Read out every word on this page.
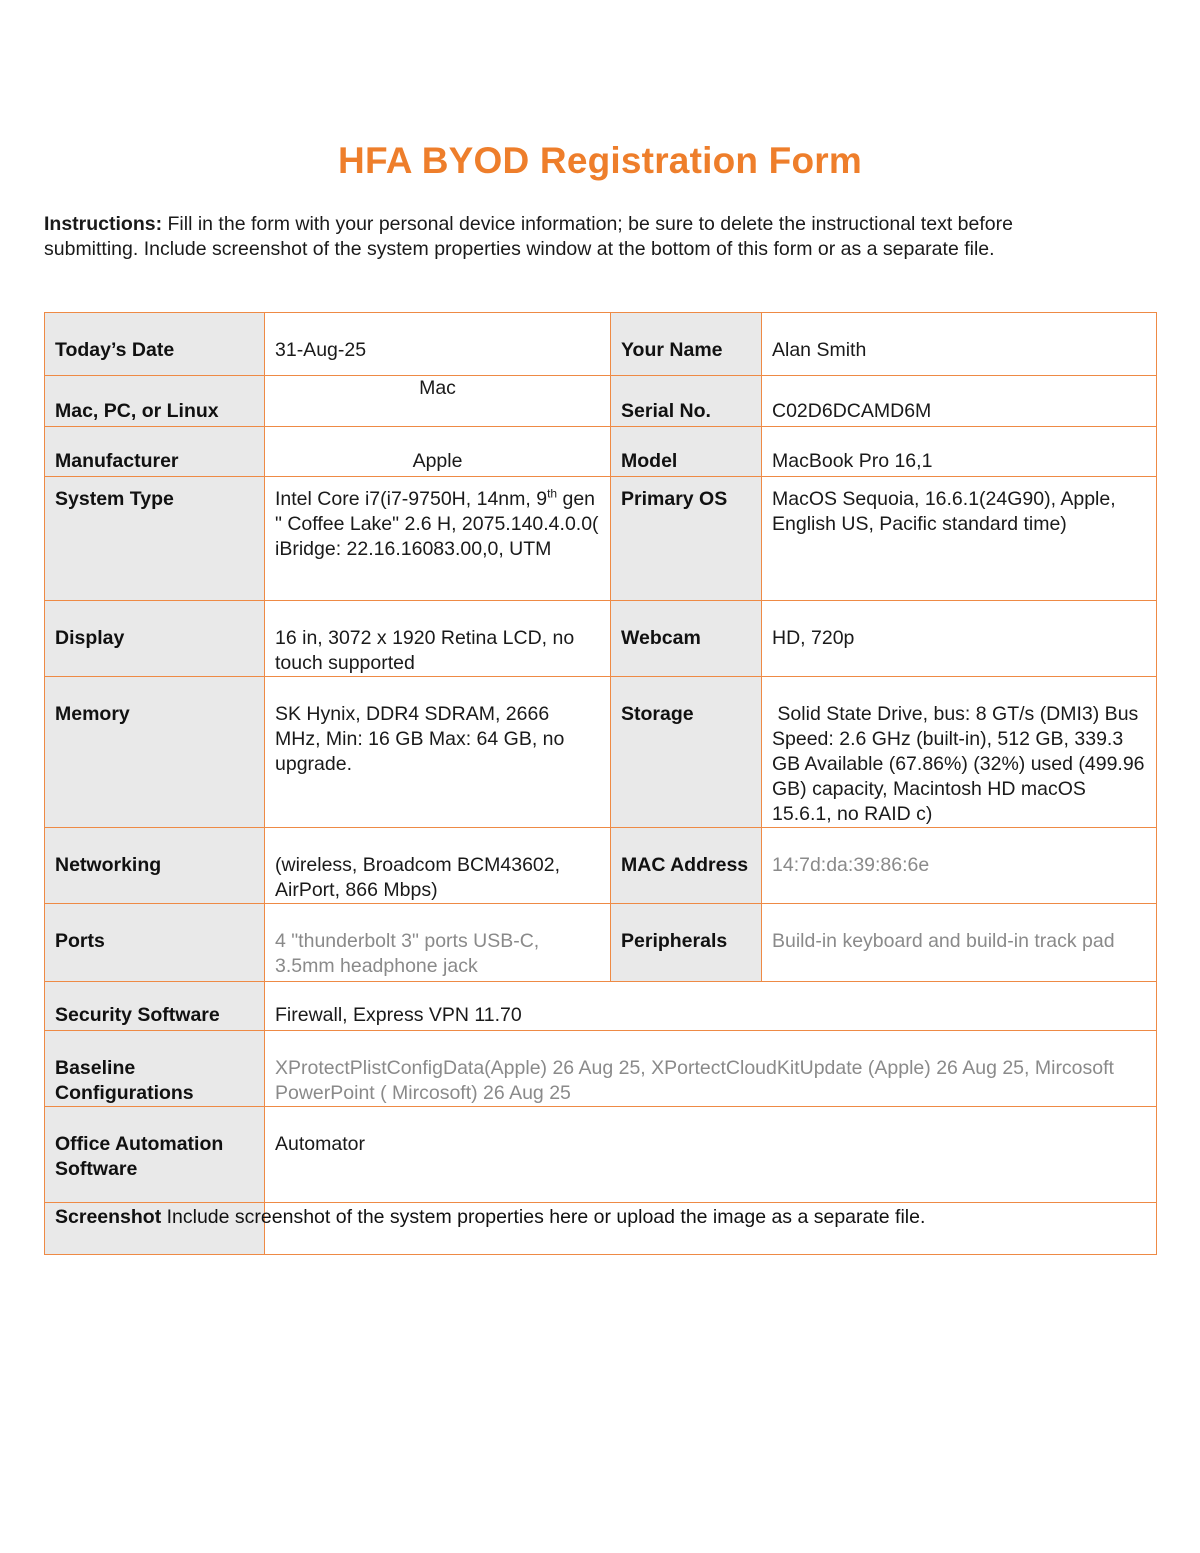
HFA BYOD Registration Form
Instructions: Fill in the form with your personal device information; be sure to delete the instructional text before submitting. Include screenshot of the system properties window at the bottom of this form or as a separate file.
Today’s Date	31-Aug-25	Your Name	Alan Smith
Mac, PC, or Linux	Mac	Serial No.	C02D6DCAMD6M
Manufacturer	Apple	Model	MacBook Pro 16,1
System Type	Intel Core i7(i7-9750H, 14nm, 9th gen " Coffee Lake" 2.6 H, 2075.140.4.0.0( iBridge: 22.16.16083.00,0, UTM	Primary OS	MacOS Sequoia, 16.6.1(24G90), Apple, English US, Pacific standard time)
Display	16 in, 3072 x 1920 Retina LCD, no touch supported	Webcam	HD, 720p
Memory	SK Hynix, DDR4 SDRAM, 2666 MHz, Min: 16 GB Max: 64 GB, no upgrade.	Storage	Solid State Drive, bus: 8 GT/s (DMI3) Bus Speed: 2.6 GHz (built-in), 512 GB, 339.3 GB Available (67.86%) (32%) used (499.96 GB) capacity, Macintosh HD macOS 15.6.1, no RAID c)
Networking	(wireless, Broadcom BCM43602, AirPort, 866 Mbps)	MAC Address	14:7d:da:39:86:6e
Ports	4 "thunderbolt 3" ports USB-C, 3.5mm headphone jack	Peripherals	Build-in keyboard and build-in track pad
Security Software	Firewall, Express VPN 11.70		
Baseline Configurations	XProtectPlistConfigData(Apple) 26 Aug 25, XPortectCloudKitUpdate (Apple) 26 Aug 25, Mircosoft PowerPoint ( Mircosoft) 26 Aug 25		
Office Automation Software	Automator		

Screenshot Include screenshot of the system properties here or upload the image as a separate file.			
